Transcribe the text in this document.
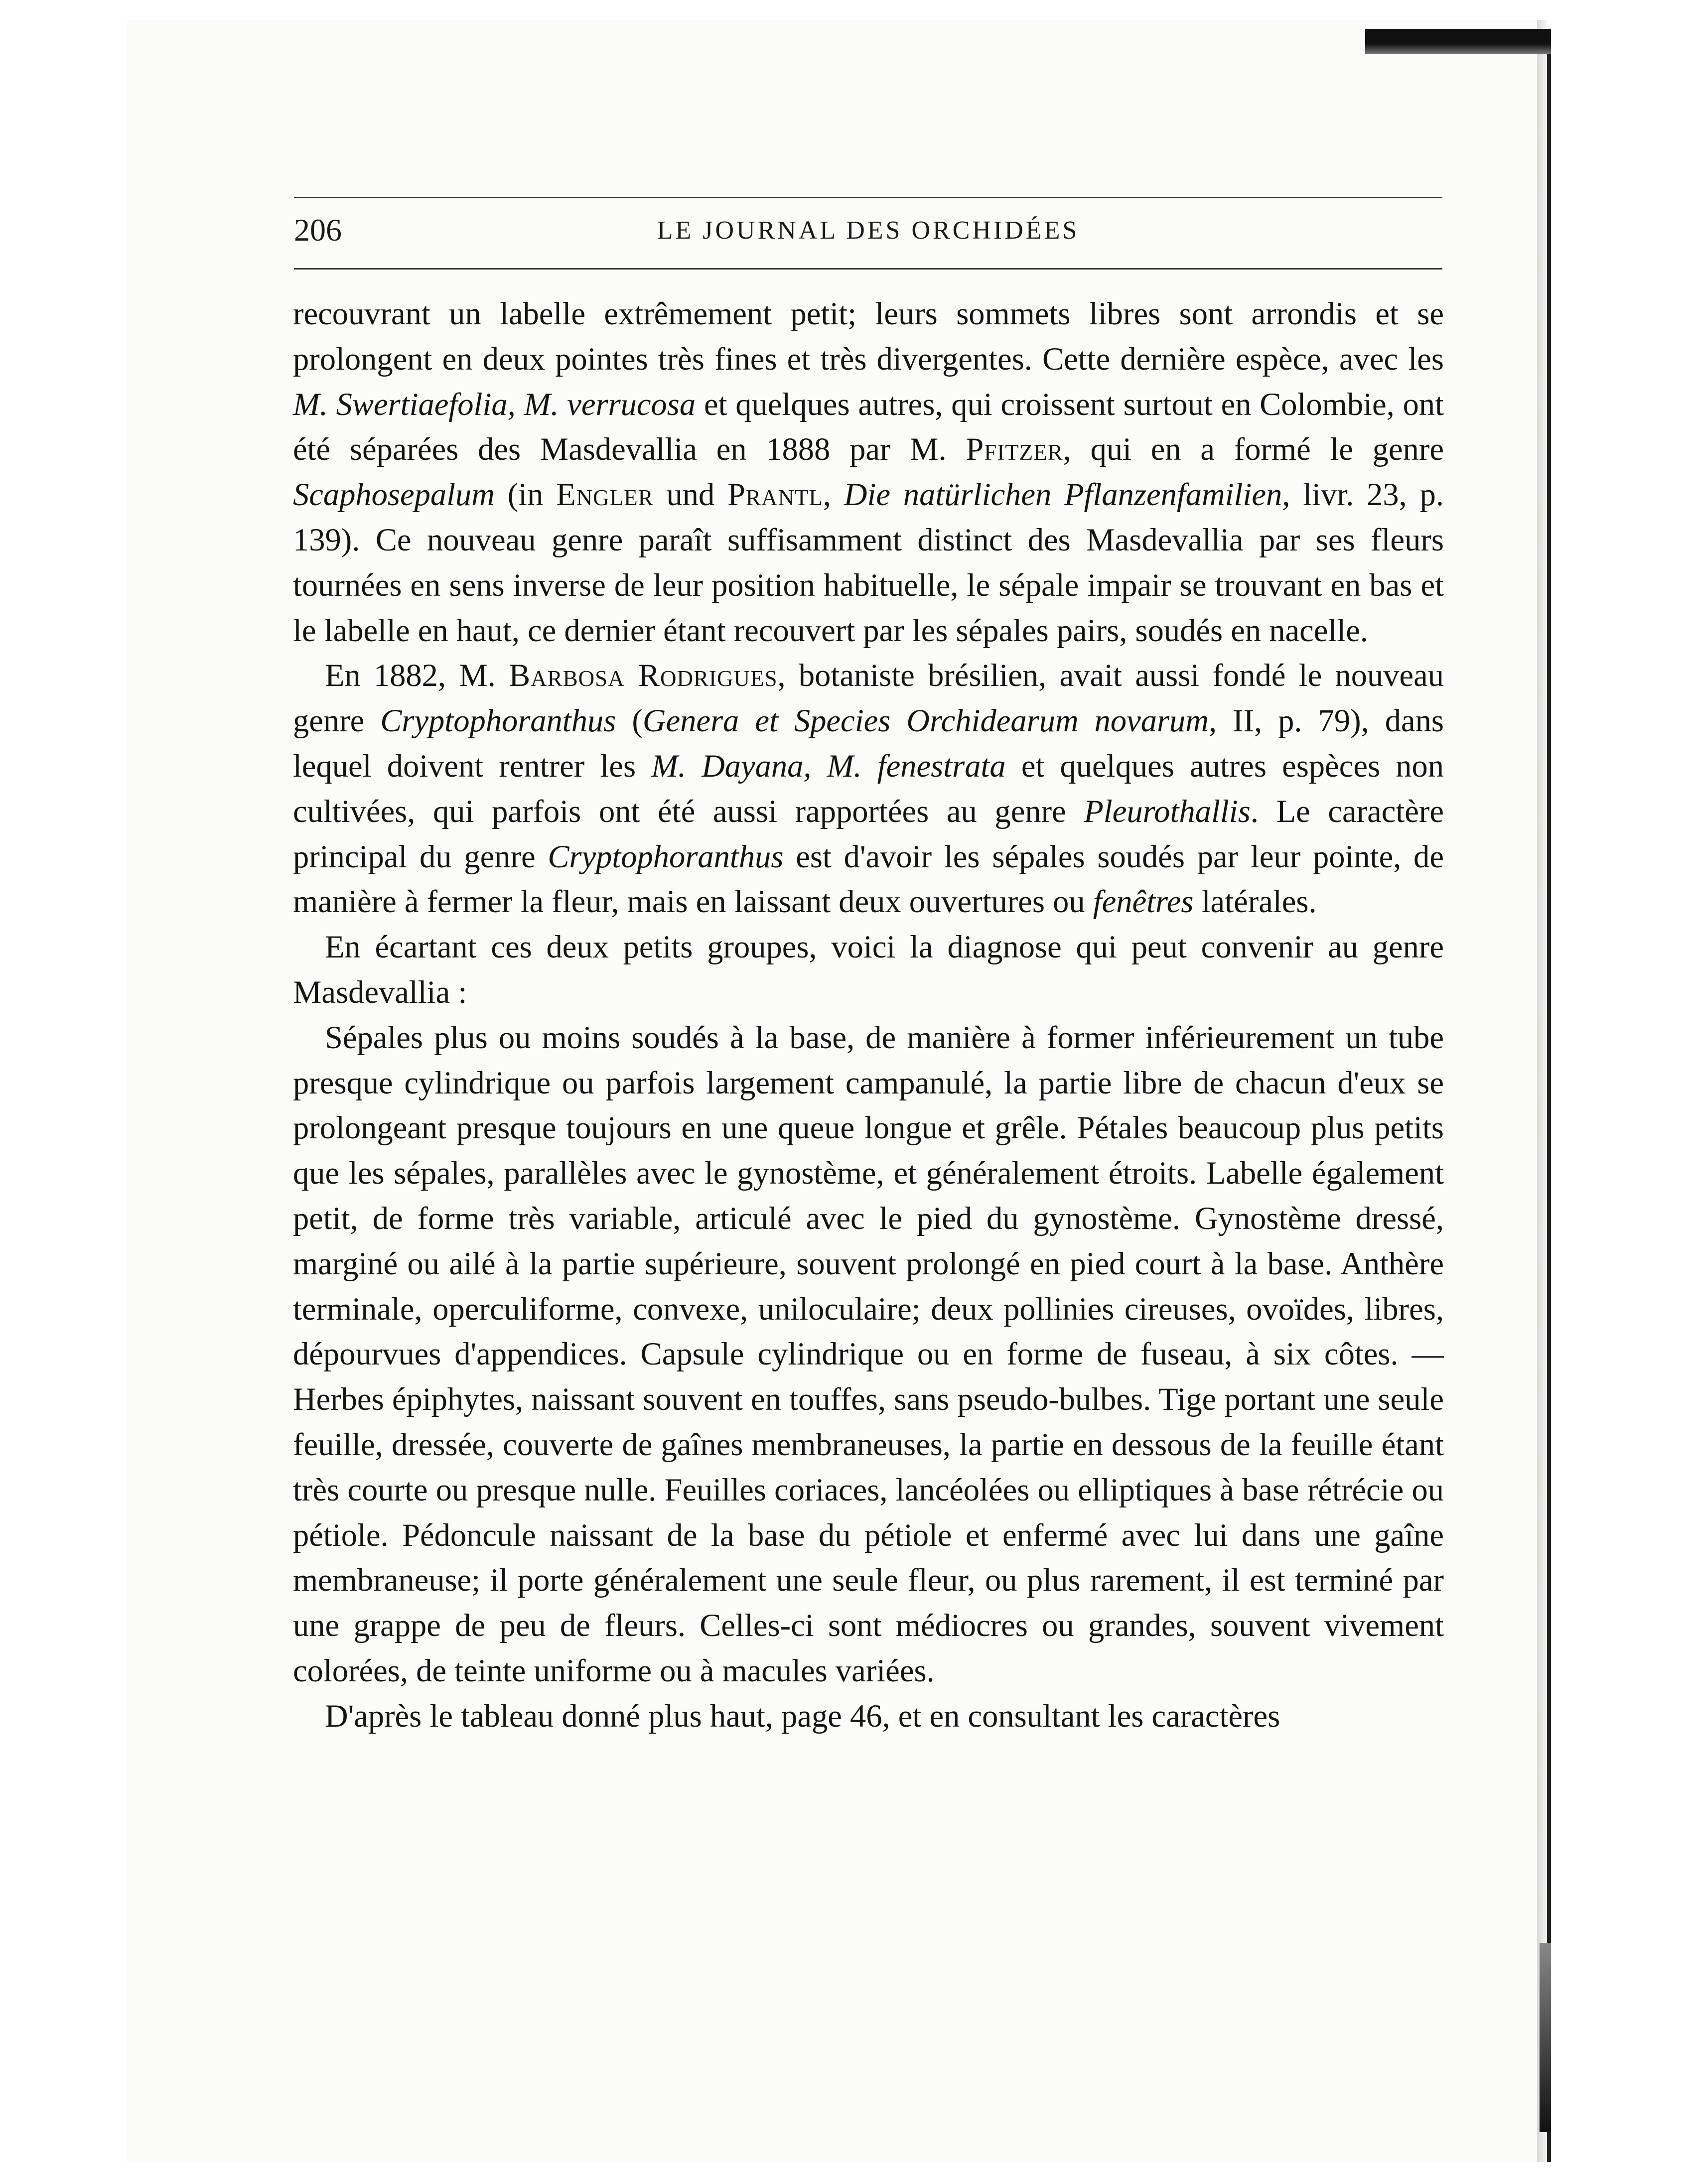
206	LE JOURNAL DES ORCHIDÉES

recouvrant un labelle extrêmement petit; leurs sommets libres sont arrondis et se prolongent en deux pointes très fines et très divergentes. Cette dernière espèce, avec les M. Swertiaefolia, M. verrucosa et quelques autres, qui croissent surtout en Colombie, ont été séparées des Masdevallia en 1888 par M. Pfitzer, qui en a formé le genre Scaphosepalum (in Engler und Prantl, Die natürlichen Pflanzenfamilien, livr. 23, p. 139). Ce nouveau genre paraît suffisamment distinct des Masdevallia par ses fleurs tournées en sens inverse de leur position habituelle, le sépale impair se trouvant en bas et le labelle en haut, ce dernier étant recouvert par les sépales pairs, soudés en nacelle.

En 1882, M. Barbosa Rodrigues, botaniste brésilien, avait aussi fondé le nouveau genre Cryptophoranthus (Genera et Species Orchidearum novarum, II, p. 79), dans lequel doivent rentrer les M. Dayana, M. fenestrata et quelques autres espèces non cultivées, qui parfois ont été aussi rapportées au genre Pleurothallis. Le caractère principal du genre Cryptophoranthus est d'avoir les sépales soudés par leur pointe, de manière à fermer la fleur, mais en laissant deux ouvertures ou fenêtres latérales.

En écartant ces deux petits groupes, voici la diagnose qui peut convenir au genre Masdevallia :

Sépales plus ou moins soudés à la base, de manière à former inférieurement un tube presque cylindrique ou parfois largement campanulé, la partie libre de chacun d'eux se prolongeant presque toujours en une queue longue et grêle. Pétales beaucoup plus petits que les sépales, parallèles avec le gynostème, et généralement étroits. Labelle également petit, de forme très variable, articulé avec le pied du gynostème. Gynostème dressé, marginé ou ailé à la partie supérieure, souvent prolongé en pied court à la base. Anthère terminale, operculiforme, convexe, uniloculaire; deux pollinies cireuses, ovoïdes, libres, dépourvues d'appendices. Capsule cylindrique ou en forme de fuseau, à six côtes. — Herbes épiphytes, naissant souvent en touffes, sans pseudo-bulbes. Tige portant une seule feuille, dressée, couverte de gaînes membraneuses, la partie en dessous de la feuille étant très courte ou presque nulle. Feuilles coriaces, lancéolées ou elliptiques à base rétrécie ou pétiole. Pédoncule naissant de la base du pétiole et enfermé avec lui dans une gaîne membraneuse; il porte généralement une seule fleur, ou plus rarement, il est terminé par une grappe de peu de fleurs. Celles-ci sont médiocres ou grandes, souvent vivement colorées, de teinte uniforme ou à macules variées.

D'après le tableau donné plus haut, page 46, et en consultant les caractères
